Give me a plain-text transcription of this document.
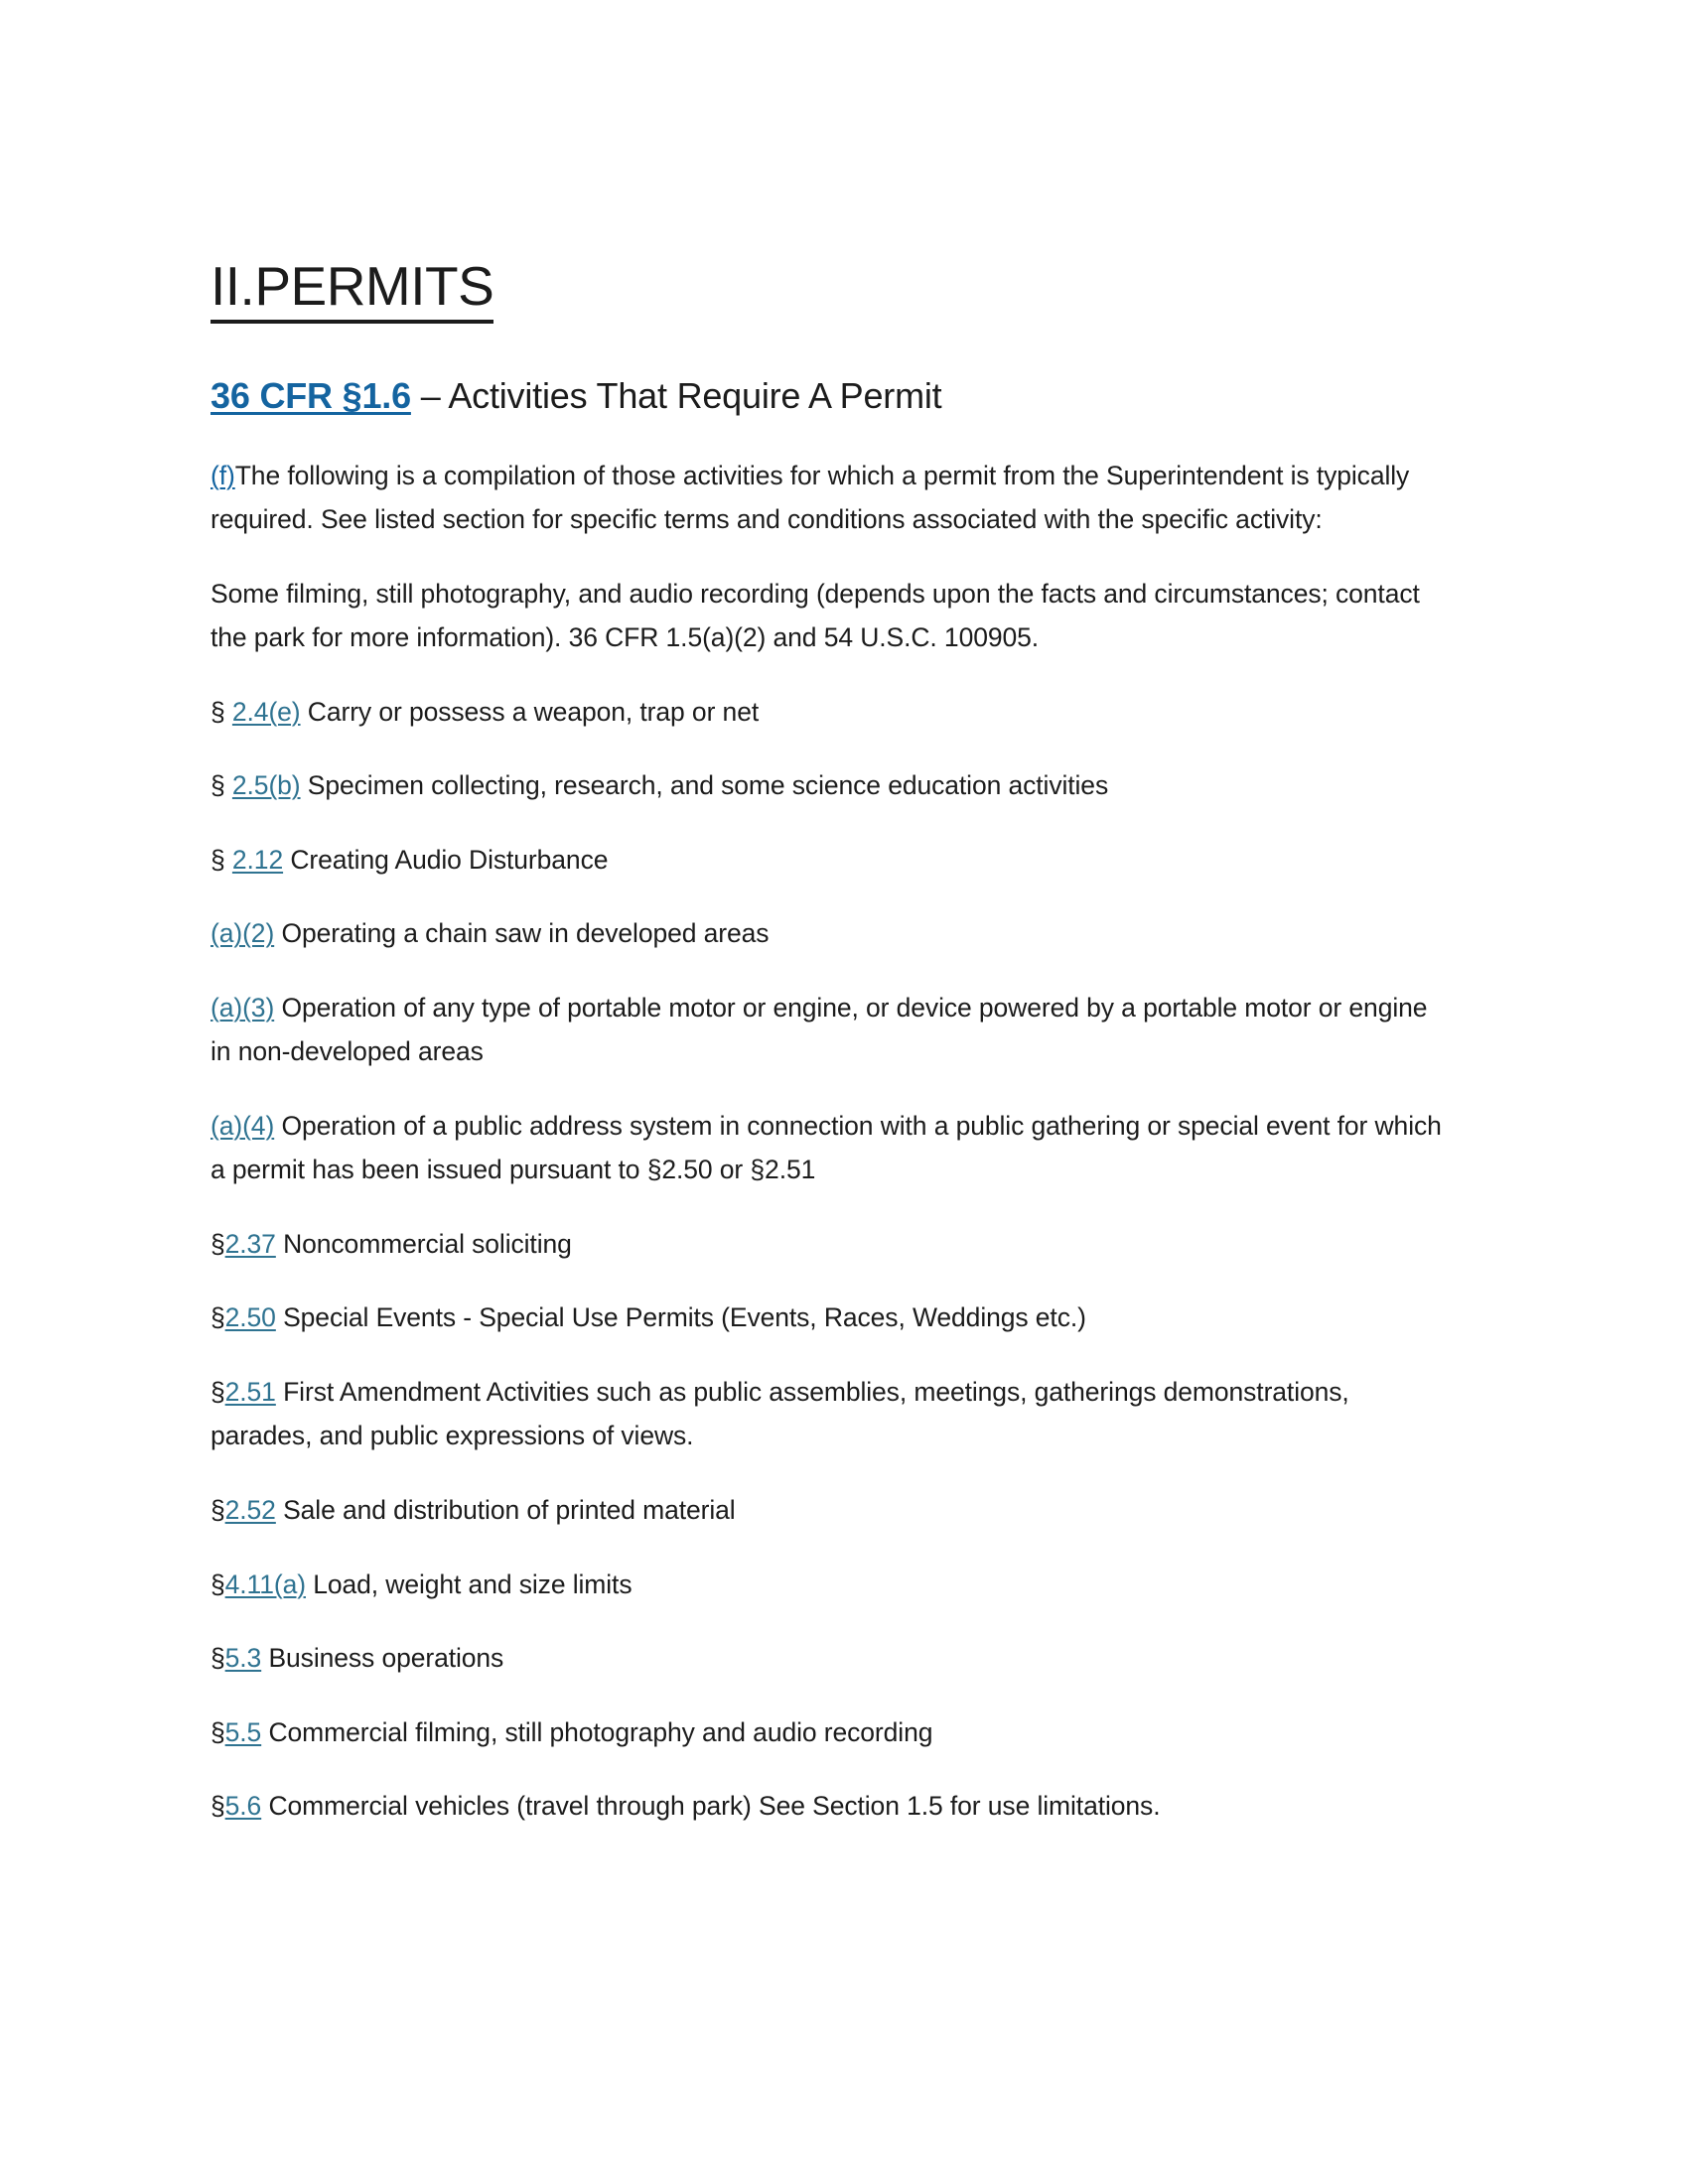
II.PERMITS
36 CFR §1.6 – Activities That Require A Permit

(f)The following is a compilation of those activities for which a permit from the Superintendent is typically required. See listed section for specific terms and conditions associated with the specific activity:

Some filming, still photography, and audio recording (depends upon the facts and circumstances; contact the park for more information). 36 CFR 1.5(a)(2) and 54 U.S.C. 100905.

§ 2.4(e) Carry or possess a weapon, trap or net

§ 2.5(b) Specimen collecting, research, and some science education activities

§ 2.12 Creating Audio Disturbance

(a)(2) Operating a chain saw in developed areas

(a)(3) Operation of any type of portable motor or engine, or device powered by a portable motor or engine in non-developed areas

(a)(4) Operation of a public address system in connection with a public gathering or special event for which a permit has been issued pursuant to §2.50 or §2.51

§2.37 Noncommercial soliciting

§2.50 Special Events - Special Use Permits (Events, Races, Weddings etc.)

§2.51 First Amendment Activities such as public assemblies, meetings, gatherings demonstrations, parades, and public expressions of views.

§2.52 Sale and distribution of printed material

§4.11(a) Load, weight and size limits

§5.3 Business operations

§5.5 Commercial filming, still photography and audio recording

§5.6 Commercial vehicles (travel through park) See Section 1.5 for use limitations.
